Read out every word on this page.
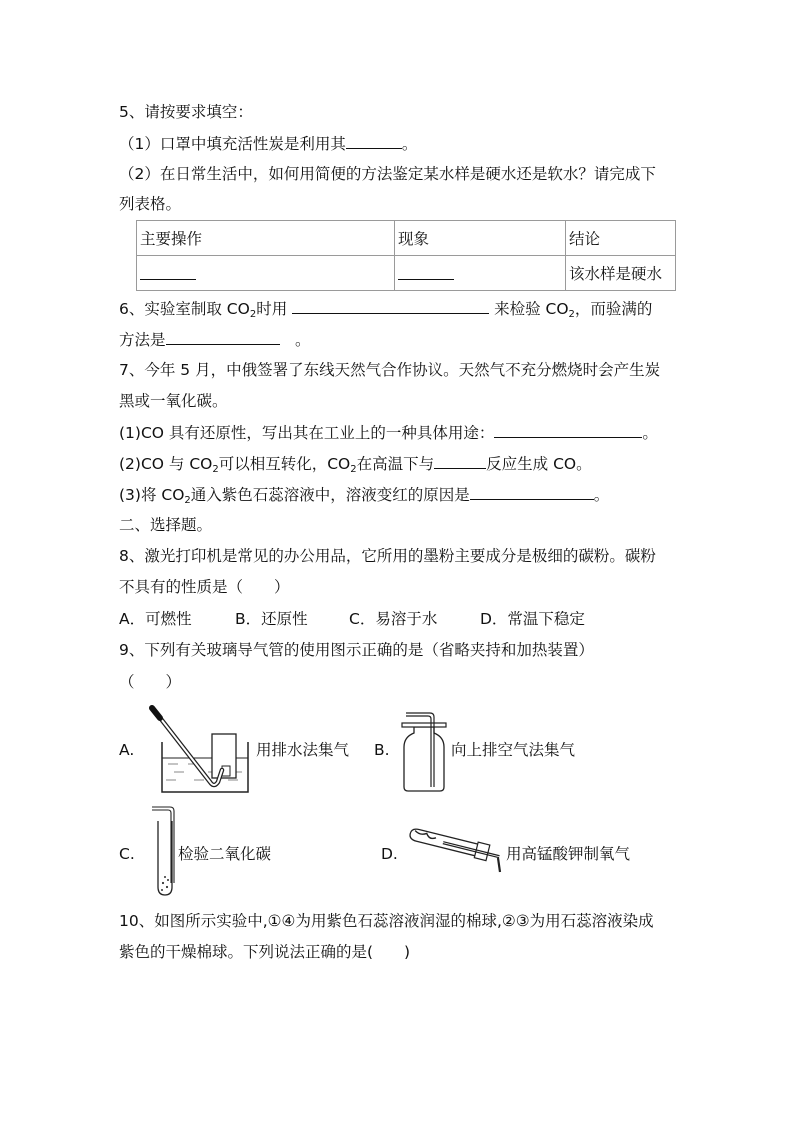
5、请按要求填空：
（1）口罩中填充活性炭是利用其	。
（2）在日常生活中，如何用简便的方法鉴定某水样是硬水还是软水？请完成下
列表格。
主要操作	现象	结论
		该水样是硬水
6、实验室制取 $CO_2$时用	来检验 $CO_2$，而验满的
方法是　	。
7、今年 5 月，中俄签署了东线天然气合作协议。天然气不充分燃烧时会产生炭
黑或一氧化碳。
(1)CO 具有还原性，写出其在工业上的一种具体用途：	。
(2)CO 与 $CO_2$可以相互转化，$CO_2$在高温下与	反应生成 CO。
(3)将 $CO_2$通入紫色石蕊溶液中，溶液变红的原因是	。
二、选择题。
8、激光打印机是常见的办公用品，它所用的墨粉主要成分是极细的碳粉。碳粉
不具有的性质是（　　）
A．可燃性	B．还原性	C．易溶于水	D．常温下稳定
9、下列有关玻璃导气管的使用图示正确的是（省略夹持和加热装置）
（　　）
A.	用排水法集气 B.	向上排空气法集气
C.	检验二氧化碳	D.	用高锰酸钾制氧气
10、如图所示实验中,①④为用紫色石蕊溶液润湿的棉球,②③为用石蕊溶液染成
紫色的干燥棉球。下列说法正确的是(　　)
